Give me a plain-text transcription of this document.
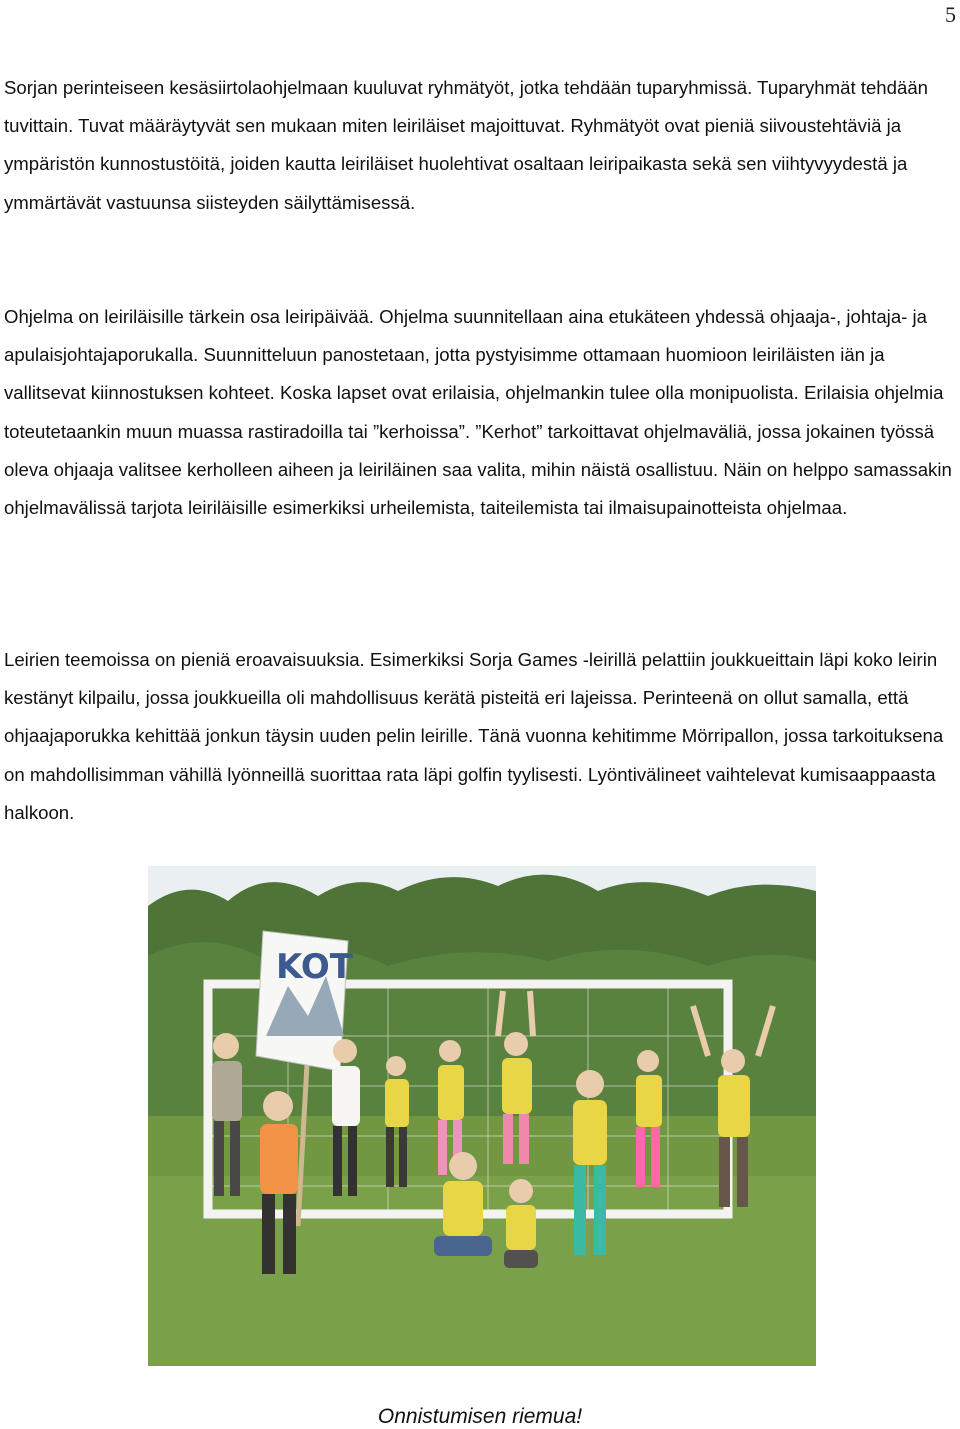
5

Sorjan perinteiseen kesäsiirtolaohjelmaan kuuluvat ryhmätyöt, jotka tehdään tuparyhmissä. Tuparyhmät tehdään tuvittain. Tuvat määräytyvät sen mukaan miten leiriläiset majoittuvat. Ryhmätyöt ovat pieniä siivoustehtäviä ja ympäristön kunnostustöitä, joiden kautta leiriläiset huolehtivat osaltaan leiripaikasta sekä sen viihtyvyydestä ja ymmärtävät vastuunsa siisteyden säilyttämisessä.

Ohjelma on leiriläisille tärkein osa leiripäivää. Ohjelma suunnitellaan aina etukäteen yhdessä ohjaaja-, johtaja- ja apulaisjohtajaporukalla. Suunnitteluun panostetaan, jotta pystyisimme ottamaan huomioon leiriläisten iän ja vallitsevat kiinnostuksen kohteet. Koska lapset ovat erilaisia, ohjelmankin tulee olla monipuolista. Erilaisia ohjelmia toteutetaankin muun muassa rastiradoilla tai ”kerhoissa”. ”Kerhot” tarkoittavat ohjelmaväliä, jossa jokainen työssä oleva ohjaaja valitsee kerholleen aiheen ja leiriläinen saa valita, mihin näistä osallistuu. Näin on helppo samassakin ohjelmavälissä tarjota leiriläisille esimerkiksi urheilemista, taiteilemista tai ilmaisupainotteista ohjelmaa.

Leirien teemoissa on pieniä eroavaisuuksia. Esimerkiksi Sorja Games -leirillä pelattiin joukkueittain läpi koko leirin kestänyt kilpailu, jossa joukkueilla oli mahdollisuus kerätä pisteitä eri lajeissa. Perinteenä on ollut samalla, että ohjaajaporukka kehittää jonkun täysin uuden pelin leirille. Tänä vuonna kehitimme Mörripallon, jossa tarkoituksena on mahdollisimman vähillä lyönneillä suorittaa rata läpi golfin tyylisesti. Lyöntivälineet vaihtelevat kumisaappaasta halkoon.

KOT
Onnistumisen riemua!
